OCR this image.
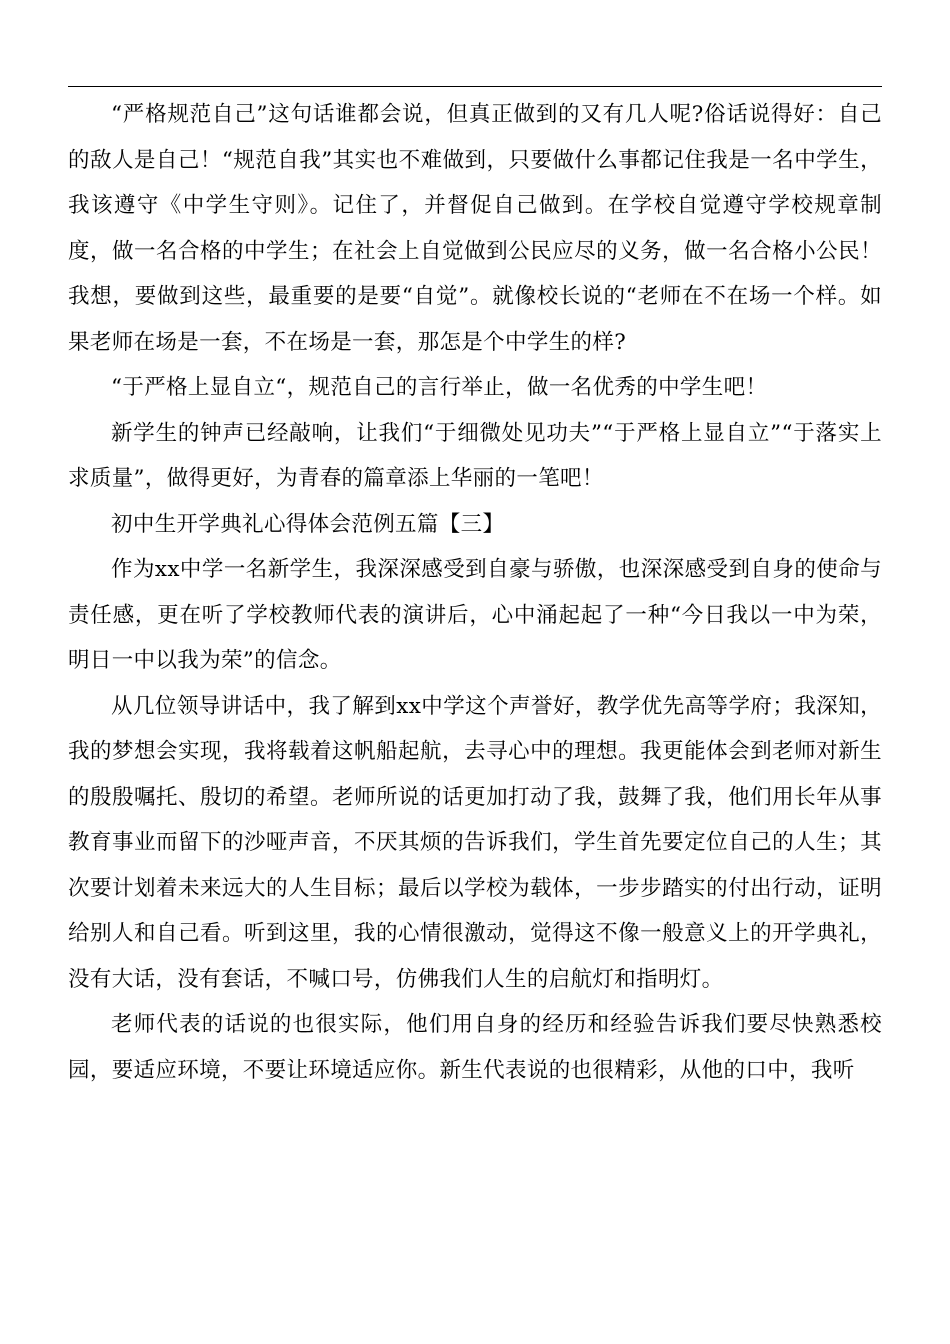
“严格规范自己”这句话谁都会说，但真正做到的又有几人呢?俗话说得好：自己的敌人是自己！“规范自我”其实也不难做到，只要做什么事都记住我是一名中学生，我该遵守《中学生守则》。记住了，并督促自己做到。在学校自觉遵守学校规章制度，做一名合格的中学生；在社会上自觉做到公民应尽的义务，做一名合格小公民！我想，要做到这些，最重要的是要“自觉”。就像校长说的“老师在不在场一个样。如果老师在场是一套，不在场是一套，那怎是个中学生的样?

“于严格上显自立“，规范自己的言行举止，做一名优秀的中学生吧！

新学生的钟声已经敲响，让我们“于细微处见功夫”“于严格上显自立”“于落实上求质量”，做得更好，为青春的篇章添上华丽的一笔吧！

初中生开学典礼心得体会范例五篇【三】

作为xx中学一名新学生，我深深感受到自豪与骄傲，也深深感受到自身的使命与责任感，更在听了学校教师代表的演讲后，心中涌起起了一种“今日我以一中为荣，明日一中以我为荣”的信念。

从几位领导讲话中，我了解到xx中学这个声誉好，教学优先高等学府；我深知，我的梦想会实现，我将载着这帆船起航，去寻心中的理想。我更能体会到老师对新生的殷殷嘱托、殷切的希望。老师所说的话更加打动了我，鼓舞了我，他们用长年从事教育事业而留下的沙哑声音，不厌其烦的告诉我们，学生首先要定位自己的人生；其次要计划着未来远大的人生目标；最后以学校为载体，一步步踏实的付出行动，证明给别人和自己看。听到这里，我的心情很激动，觉得这不像一般意义上的开学典礼，没有大话，没有套话，不喊口号，仿佛我们人生的启航灯和指明灯。

老师代表的话说的也很实际，他们用自身的经历和经验告诉我们要尽快熟悉校园，要适应环境，不要让环境适应你。新生代表说的也很精彩，从他的口中，我听
